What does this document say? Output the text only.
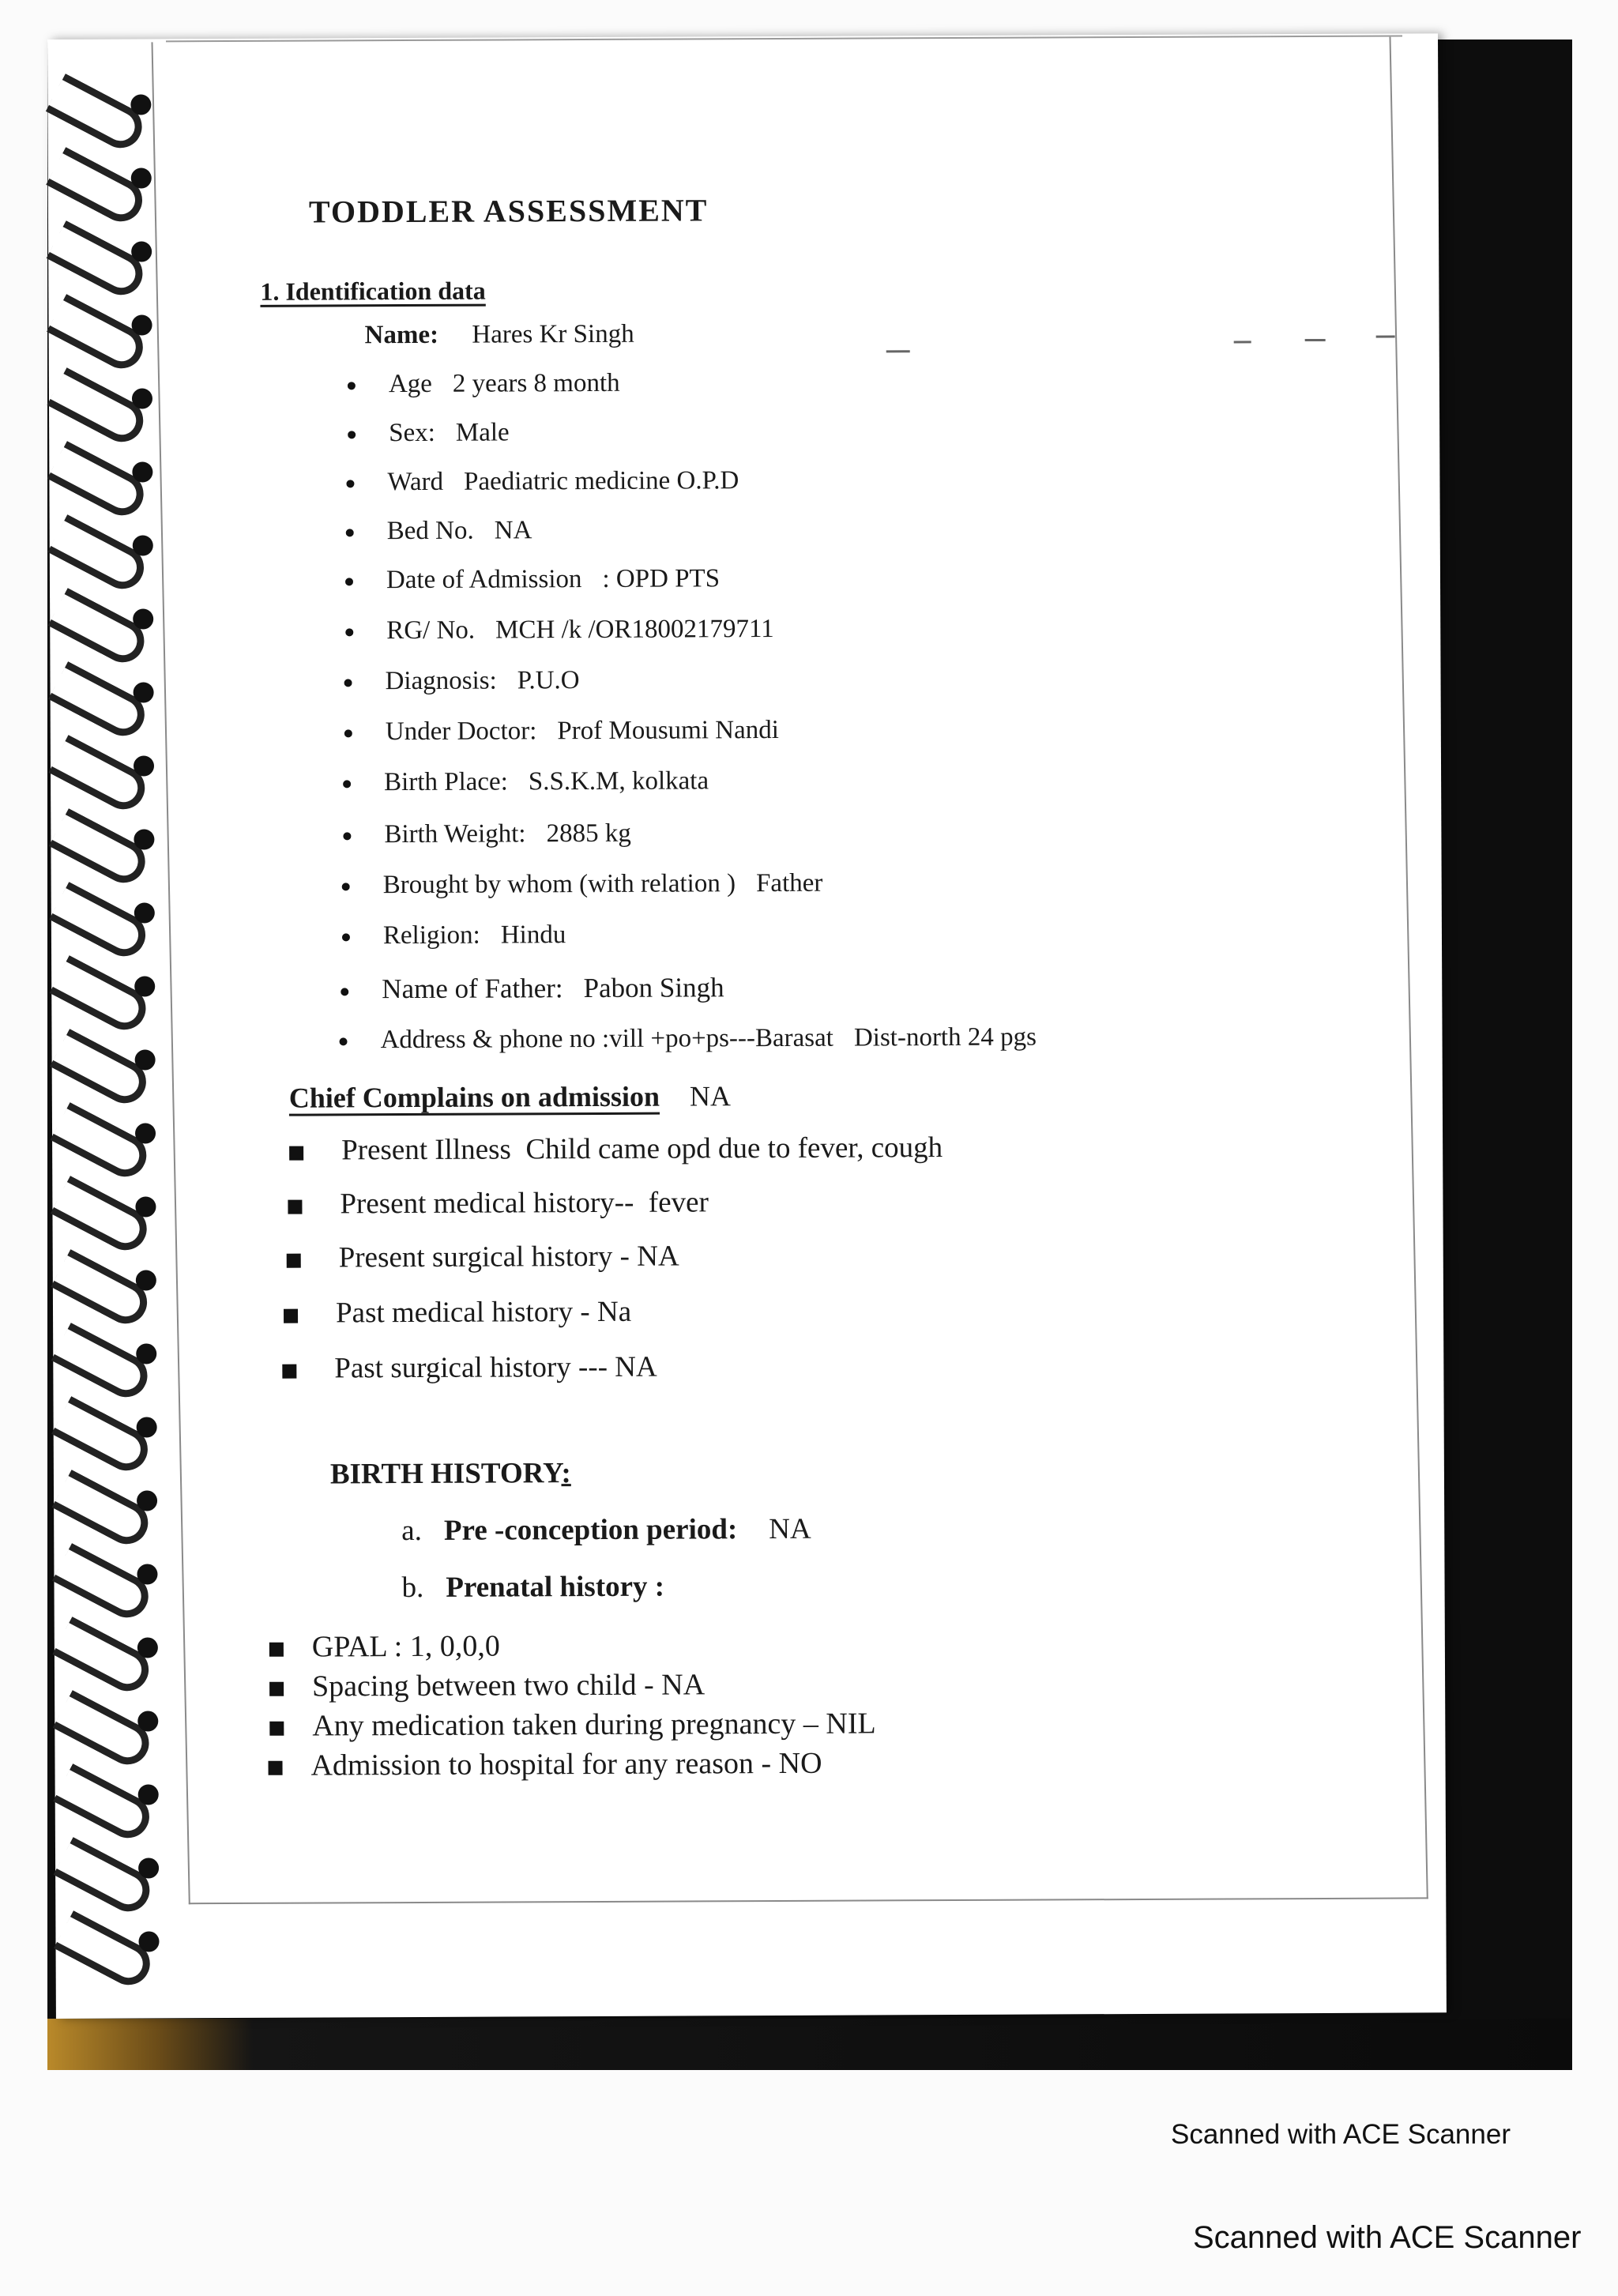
TODDLER ASSESSMENT
1. Identification data
Name: Hares Kr Singh
Age 2 years 8 month
Sex: Male
Ward Paediatric medicine O.P.D
Bed No. NA
Date of Admission : OPD PTS
RG/ No. MCH /k /OR18002179711
Diagnosis: P.U.O
Under Doctor: Prof Mousumi Nandi
Birth Place: S.S.K.M, kolkata
Birth Weight: 2885 kg
Brought by whom (with relation ) Father
Religion: Hindu
Name of Father: Pabon Singh
Address & phone no :vill +po+ps---Barasat Dist-north 24 pgs
Chief Complains on admission NA
Present Illness Child came opd due to fever, cough
Present medical history-- fever
Present surgical history - NA
Past medical history - Na
Past surgical history --- NA
BIRTH HISTORY:
a. Pre -conception period: NA
b. Prenatal history :
GPAL : 1, 0,0,0
Spacing between two child - NA
Any medication taken during pregnancy – NIL
Admission to hospital for any reason - NO
Scanned with ACE Scanner
Scanned with ACE Scanner
